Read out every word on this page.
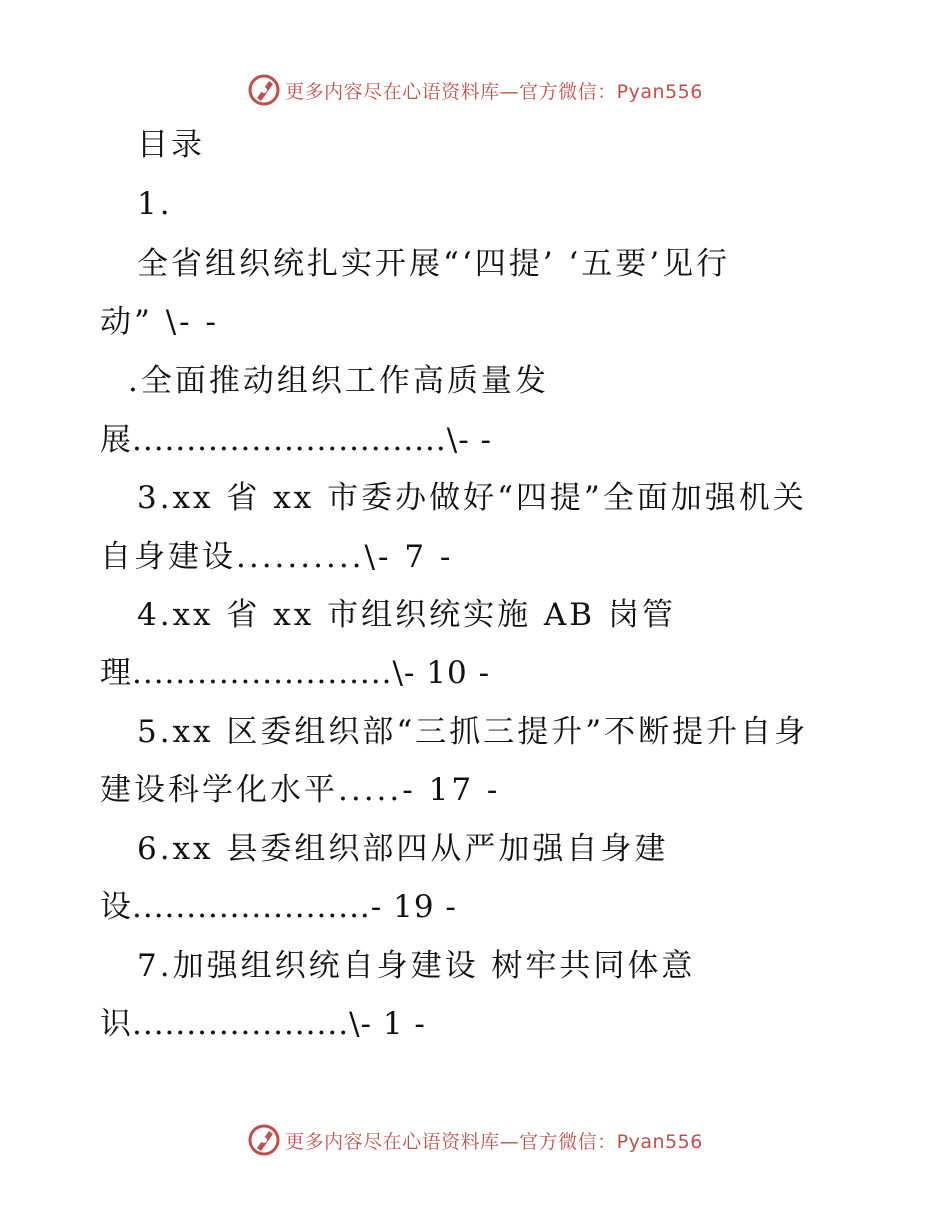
更多内容尽在心语资料库—官方微信：Pyan556
目录
1.
全省组织统扎实开展“‘四提’ ‘五要’见行
动” \- -
.全面推动组织工作高质量发
展.............................\- -
3.xx 省 xx 市委办做好“四提”全面加强机关
自身建设..........\- 7 -
4.xx 省 xx 市组织统实施 AB 岗管
理........................\- 10 -
5.xx 区委组织部“三抓三提升”不断提升自身
建设科学化水平.....- 17 -
6.xx 县委组织部四从严加强自身建
设......................- 19 -
7.加强组织统自身建设 树牢共同体意
识....................\- 1 -
更多内容尽在心语资料库—官方微信：Pyan556
